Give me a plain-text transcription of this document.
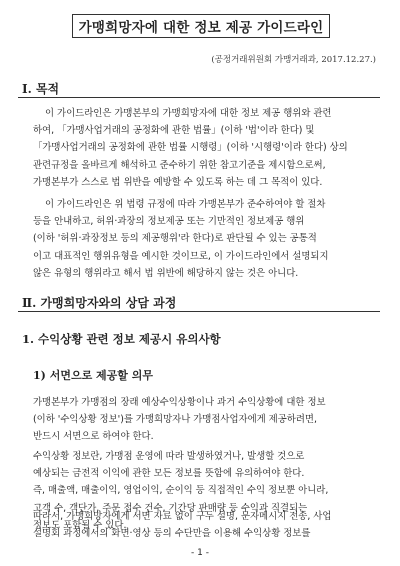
가맹희망자에 대한 정보 제공 가이드라인
(공정거래위원회 가맹거래과, 2017.12.27.)
Ⅰ. 목적

이 가이드라인은 가맹본부의 가맹희망자에 대한 정보 제공 행위와 관련
하여, 「가맹사업거래의 공정화에 관한 법률」(이하 '법'이라 한다) 및
「가맹사업거래의 공정화에 관한 법률 시행령」(이하 '시행령'이라 한다) 상의
관련규정을 올바르게 해석하고 준수하기 위한 참고기준을 제시함으로써,
가맹본부가 스스로 법 위반을 예방할 수 있도록 하는 데 그 목적이 있다.

이 가이드라인은 위 법령 규정에 따라 가맹본부가 준수하여야 할 절차
등을 안내하고, 허위·과장의 정보제공 또는 기만적인 정보제공 행위
(이하 '허위·과장정보 등의 제공행위'라 한다)로 판단될 수 있는 공통적
이고 대표적인 행위유형을 예시한 것이므로, 이 가이드라인에서 설명되지
않은 유형의 행위라고 해서 법 위반에 해당하지 않는 것은 아니다.

Ⅱ. 가맹희망자와의 상담 과정
1. 수익상황 관련 정보 제공시 유의사항
1) 서면으로 제공할 의무

가맹본부가 가맹점의 장래 예상수익상황이나 과거 수익상황에 대한 정보
(이하 '수익상황 정보')를 가맹희망자나 가맹점사업자에게 제공하려면,
반드시 서면으로 하여야 한다.

수익상황 정보란, 가맹점 운영에 따라 발생하였거나, 발생할 것으로
예상되는 금전적 이익에 관한 모든 정보를 뜻함에 유의하여야 한다.
즉, 매출액, 매출이익, 영업이익, 순이익 등 직접적인 수익 정보뿐 아니라,
고객 수, 객단가, 주문 접수 건수, 기간당 판매량 등 수익과 직결되는
정보도 포함될 수 있다.

따라서, 가맹희망자에게 서면 자료 없이 구두 설명, 문자메시지 전송, 사업
설명회 과정에서의 화면·영상 등의 수단만을 이용해 수익상황 정보를

- 1 -
